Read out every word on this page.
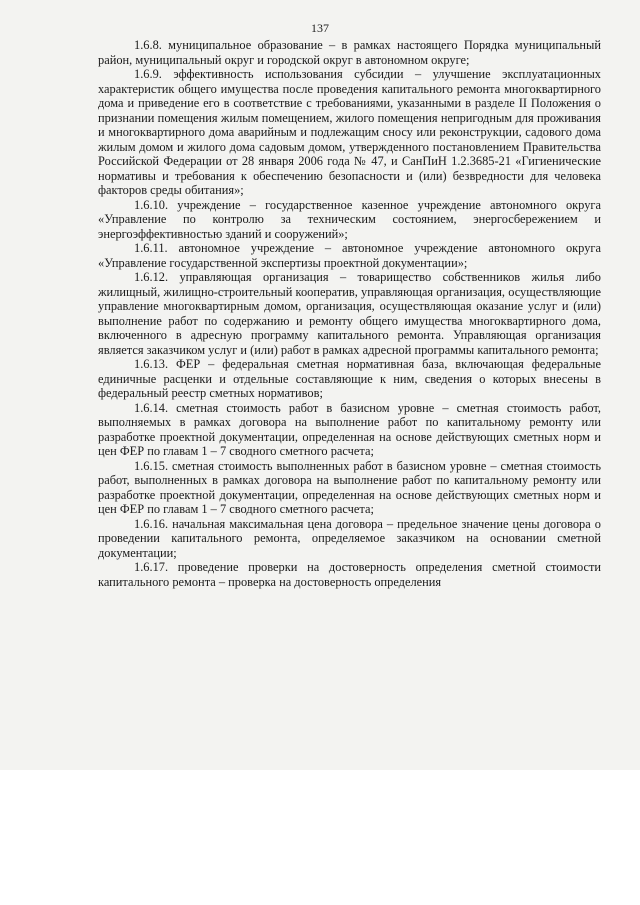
137

1.6.8. муниципальное образование – в рамках настоящего Порядка муниципальный район, муниципальный округ и городской округ в автономном округе;

1.6.9. эффективность использования субсидии – улучшение эксплуатационных характеристик общего имущества после проведения капитального ремонта многоквартирного дома и приведение его в соответствие с требованиями, указанными в разделе II Положения о признании помещения жилым помещением, жилого помещения непригодным для проживания и многоквартирного дома аварийным и подлежащим сносу или реконструкции, садового дома жилым домом и жилого дома садовым домом, утвержденного постановлением Правительства Российской Федерации от 28 января 2006 года № 47, и СанПиН 1.2.3685-21 «Гигиенические нормативы и требования к обеспечению безопасности и (или) безвредности для человека факторов среды обитания»;

1.6.10. учреждение – государственное казенное учреждение автономного округа «Управление по контролю за техническим состоянием, энергосбережением и энергоэффективностью зданий и сооружений»;

1.6.11. автономное учреждение – автономное учреждение автономного округа «Управление государственной экспертизы проектной документации»;

1.6.12. управляющая организация – товарищество собственников жилья либо жилищный, жилищно-строительный кооператив, управляющая организация, осуществляющие управление многоквартирным домом, организация, осуществляющая оказание услуг и (или) выполнение работ по содержанию и ремонту общего имущества многоквартирного дома, включенного в адресную программу капитального ремонта. Управляющая организация является заказчиком услуг и (или) работ в рамках адресной программы капитального ремонта;

1.6.13. ФЕР – федеральная сметная нормативная база, включающая федеральные единичные расценки и отдельные составляющие к ним, сведения о которых внесены в федеральный реестр сметных нормативов;

1.6.14. сметная стоимость работ в базисном уровне – сметная стоимость работ, выполняемых в рамках договора на выполнение работ по капитальному ремонту или разработке проектной документации, определенная на основе действующих сметных норм и цен ФЕР по главам 1 – 7 сводного сметного расчета;

1.6.15. сметная стоимость выполненных работ в базисном уровне – сметная стоимость работ, выполненных в рамках договора на выполнение работ по капитальному ремонту или разработке проектной документации, определенная на основе действующих сметных норм и цен ФЕР по главам 1 – 7 сводного сметного расчета;

1.6.16. начальная максимальная цена договора – предельное значение цены договора о проведении капитального ремонта, определяемое заказчиком на основании сметной документации;

1.6.17. проведение проверки на достоверность определения сметной стоимости капитального ремонта – проверка на достоверность определения
